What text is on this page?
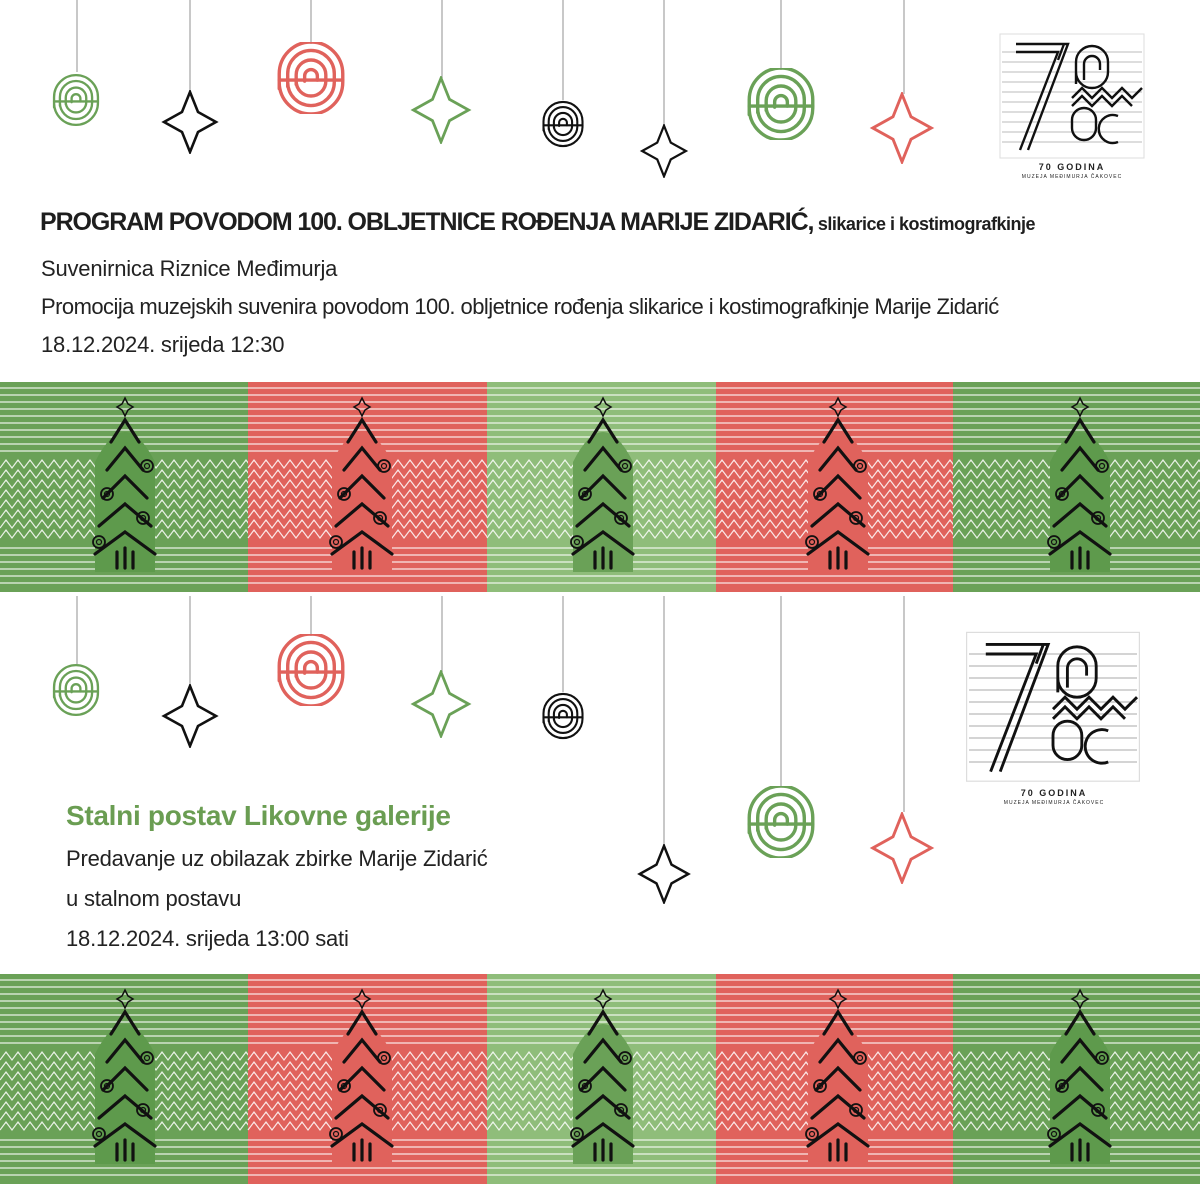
70 GODINA
MUZEJA MEĐIMURJA ČAKOVEC
PROGRAM POVODOM 100. OBLJETNICE ROĐENJA MARIJE ZIDARIĆ, slikarice i kostimografkinje
Suvenirnica Riznice Međimurja
Promocija muzejskih suvenira povodom 100. obljetnice rođenja slikarice i kostimografkinje Marije Zidarić
18.12.2024. srijeda 12:30
70 GODINA
MUZEJA MEĐIMURJA ČAKOVEC
Stalni postav Likovne galerije
Predavanje uz obilazak zbirke Marije Zidarić
u stalnom postavu
18.12.2024. srijeda 13:00 sati
